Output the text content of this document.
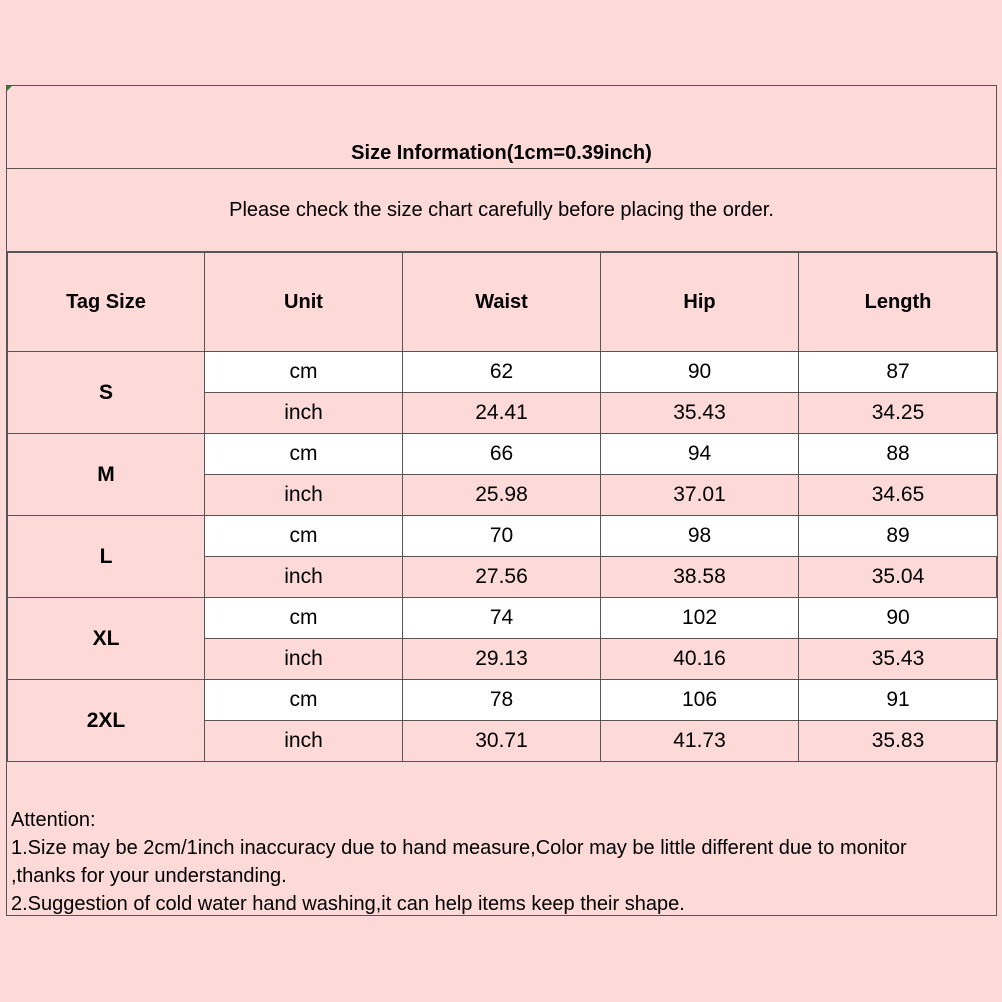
Size Information(1cm=0.39inch)
Please check the size chart carefully before placing the order.
Tag Size	Unit	Waist	Hip	Length
S	cm	62	90	87
	inch	24.41	35.43	34.25
M	cm	66	94	88
	inch	25.98	37.01	34.65
L	cm	70	98	89
	inch	27.56	38.58	35.04
XL	cm	74	102	90
	inch	29.13	40.16	35.43
2XL	cm	78	106	91
	inch	30.71	41.73	35.83
Attention:
1.Size may be 2cm/1inch inaccuracy due to hand measure,Color may be little different due to monitor
,thanks for your understanding.
2.Suggestion of cold water hand washing,it can help items keep their shape.
